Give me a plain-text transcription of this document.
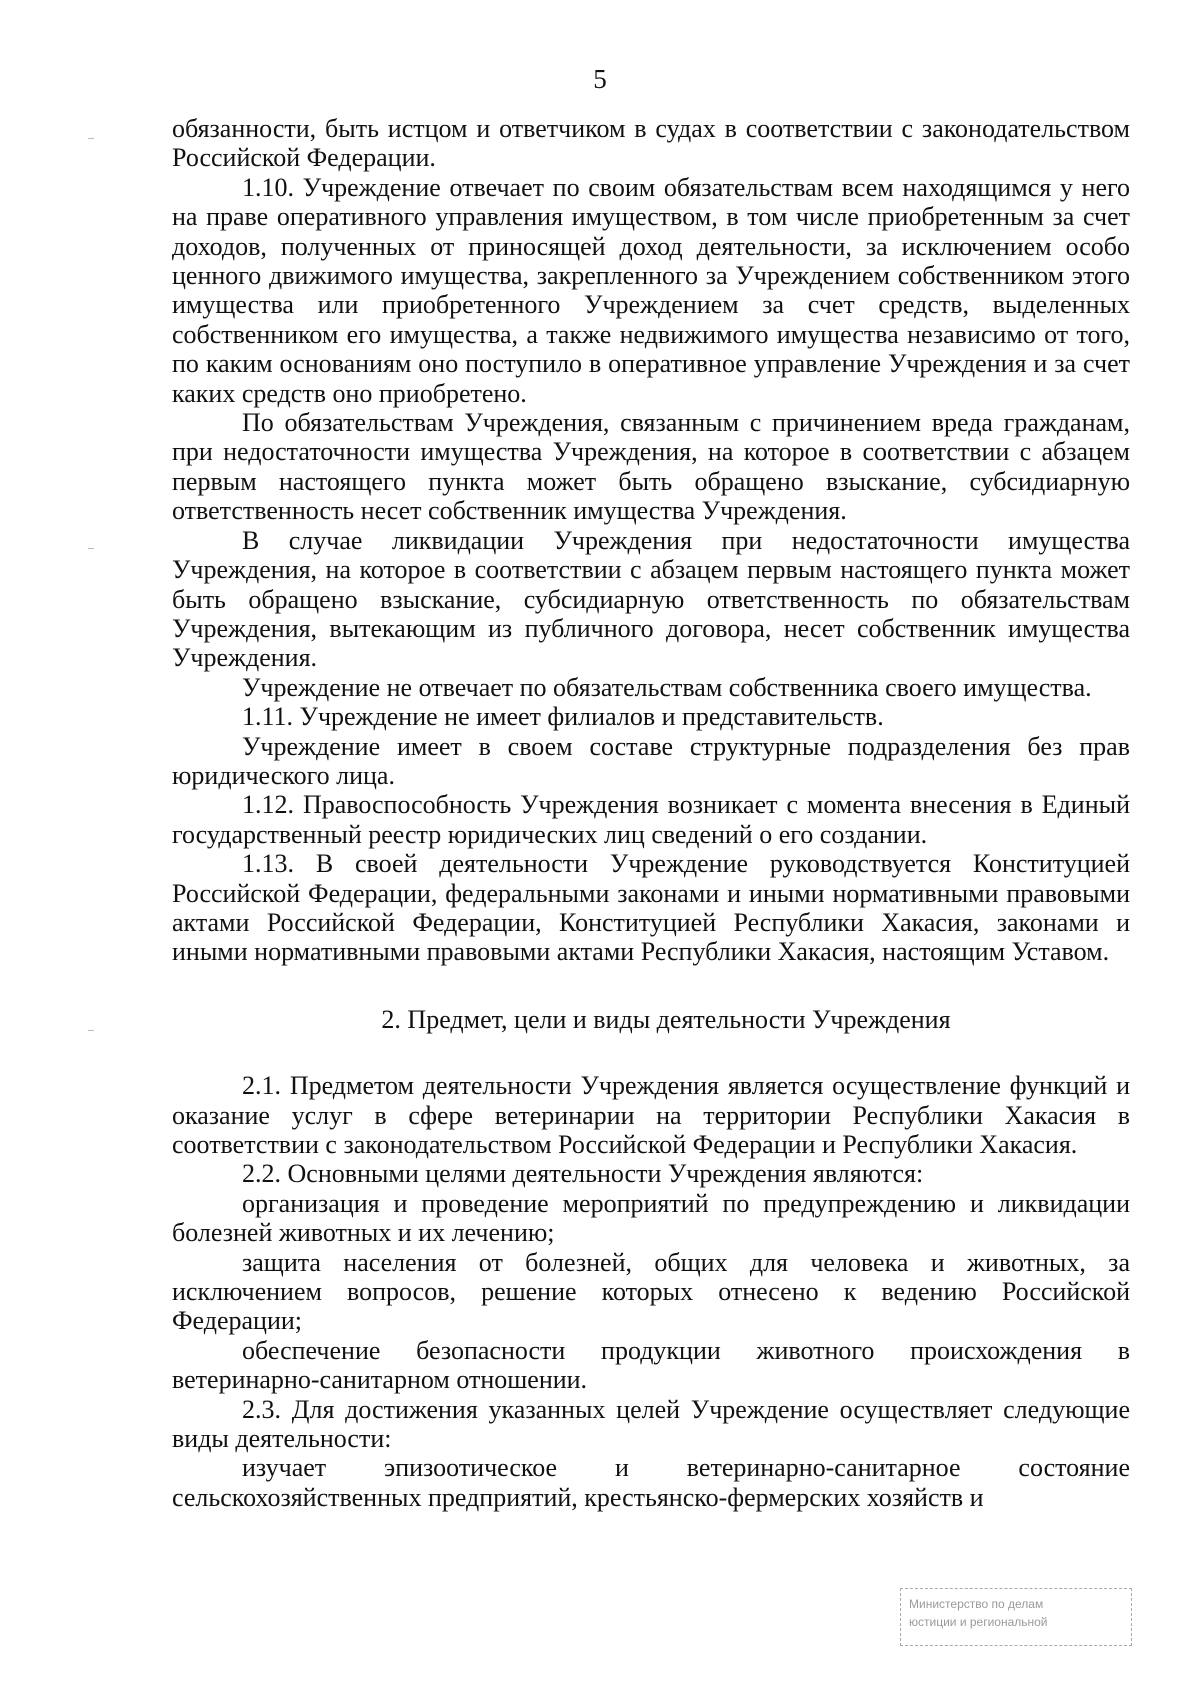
5

обязанности, быть истцом и ответчиком в судах в соответствии с законодательством Российской Федерации.

1.10. Учреждение отвечает по своим обязательствам всем находящимся у него на праве оперативного управления имуществом, в том числе приобретенным за счет доходов, полученных от приносящей доход деятельности, за исключением особо ценного движимого имущества, закрепленного за Учреждением собственником этого имущества или приобретенного Учреждением за счет средств, выделенных собственником его имущества, а также недвижимого имущества независимо от того, по каким основаниям оно поступило в оперативное управление Учреждения и за счет каких средств оно приобретено.

По обязательствам Учреждения, связанным с причинением вреда гражданам, при недостаточности имущества Учреждения, на которое в соответствии с абзацем первым настоящего пункта может быть обращено взыскание, субсидиарную ответственность несет собственник имущества Учреждения.

В случае ликвидации Учреждения при недостаточности имущества Учреждения, на которое в соответствии с абзацем первым настоящего пункта может быть обращено взыскание, субсидиарную ответственность по обязательствам Учреждения, вытекающим из публичного договора, несет собственник имущества Учреждения.

Учреждение не отвечает по обязательствам собственника своего имущества.

1.11. Учреждение не имеет филиалов и представительств.

Учреждение имеет в своем составе структурные подразделения без прав юридического лица.

1.12. Правоспособность Учреждения возникает с момента внесения в Единый государственный реестр юридических лиц сведений о его создании.

1.13. В своей деятельности Учреждение руководствуется Конституцией Российской Федерации, федеральными законами и иными нормативными правовыми актами Российской Федерации, Конституцией Республики Хакасия, законами и иными нормативными правовыми актами Республики Хакасия, настоящим Уставом.

2. Предмет, цели и виды деятельности Учреждения

2.1. Предметом деятельности Учреждения является осуществление функций и оказание услуг в сфере ветеринарии на территории Республики Хакасия в соответствии с законодательством Российской Федерации и Республики Хакасия.

2.2. Основными целями деятельности Учреждения являются:

организация и проведение мероприятий по предупреждению и ликвидации болезней животных и их лечению;

защита населения от болезней, общих для человека и животных, за исключением вопросов, решение которых отнесено к ведению Российской Федерации;

обеспечение безопасности продукции животного происхождения в ветеринарно-санитарном отношении.

2.3. Для достижения указанных целей Учреждение осуществляет следующие виды деятельности:

изучает эпизоотическое и ветеринарно-санитарное состояние сельскохозяйственных предприятий, крестьянско-фермерских хозяйств и

Министерство по делам
юстиции и региональной
